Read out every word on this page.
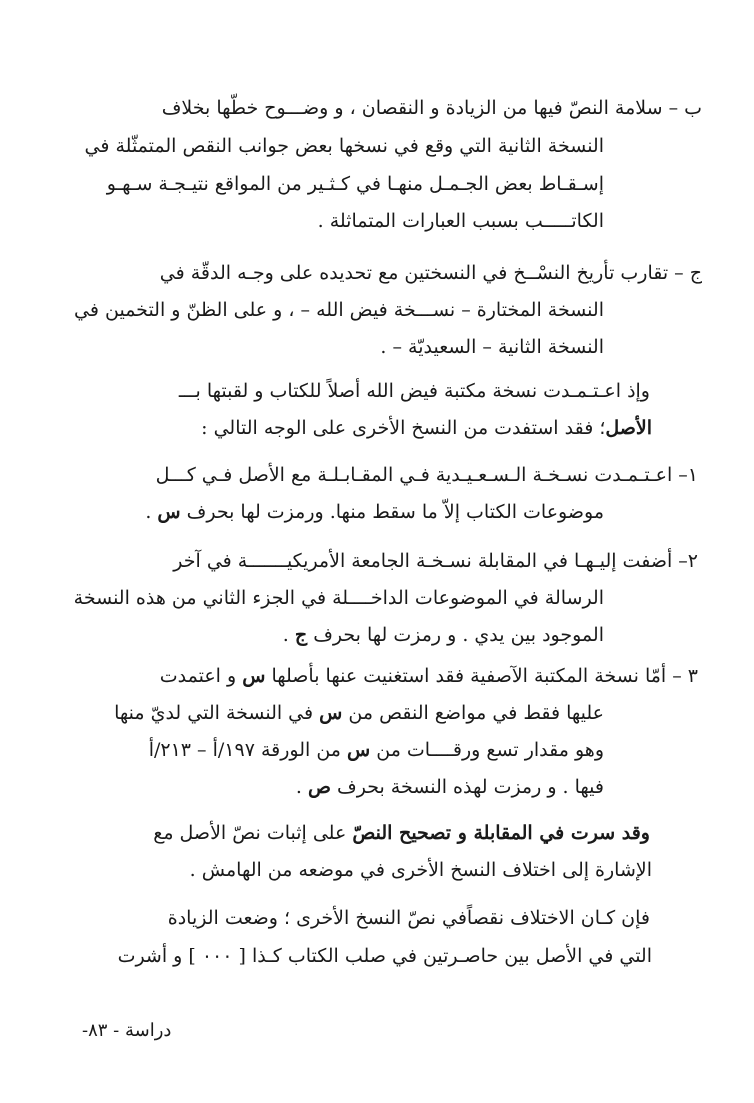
ب – سلامة النصّ فيها من الزيادة و النقصان ، و وضـــوح خطّها بخلاف
النسخة الثانية التي وقع في نسخها بعض جوانب النقص المتمثّلة في
إسـقـاط بعض الجـمـل منهـا في كـثـير من المواقع نتيـجـة سـهـو
الكاتـــــب بسبب العبارات المتماثلة .
ج – تقارب تأريخ النسْــخ في النسختين مع تحديده على وجـه الدقّة في
النسخة المختارة – نســـخة فيض الله – ، و على الظنّ و التخمين في
النسخة الثانية – السعيديّة – .
وإذ اعـتـمـدت نسخة مكتبة فيض الله أصلاً للكتاب و لقبتها بـــ
الأصل؛ فقد استفدت من النسخ الأخرى على الوجه التالي :
١– اعـتـمـدت نسـخـة الـسـعـيـدية فـي المقـابـلـة مع الأصل فـي كـــل
موضوعات الكتاب إلاّ ما سقط منها. ورمزت لها بحرف س .
٢– أضفت إليـهـا في المقابلة نسـخـة الجامعة الأمريكيـــــــة في آخر
الرسالة في الموضوعات الداخــــلة في الجزء الثاني من هذه النسخة
الموجود بين يدي . و رمزت لها بحرف ج .
٣ – أمّا نسخة المكتبة الآصفية فقد استغنيت عنها بأصلها س و اعتمدت
عليها فقط في مواضع النقص من س في النسخة التي لديّ منها
وهو مقدار تسع ورقــــات من س من الورقة ١٩٧/أ – ٢١٣/أ
فيها . و رمزت لهذه النسخة بحرف ص .
وقد سرت في المقابلة و تصحيح النصّ على إثبات نصّ الأصل مع
الإشارة إلى اختلاف النسخ الأخرى في موضعه من الهامش .
فإن كـان الاختلاف نقصاًفي نصّ النسخ الأخرى ؛ وضعت الزيادة
التي في الأصل بين حاصـرتين في صلب الكتاب كـذا [ ٠٠٠ ] و أشرت
دراسة - ٨٣-
